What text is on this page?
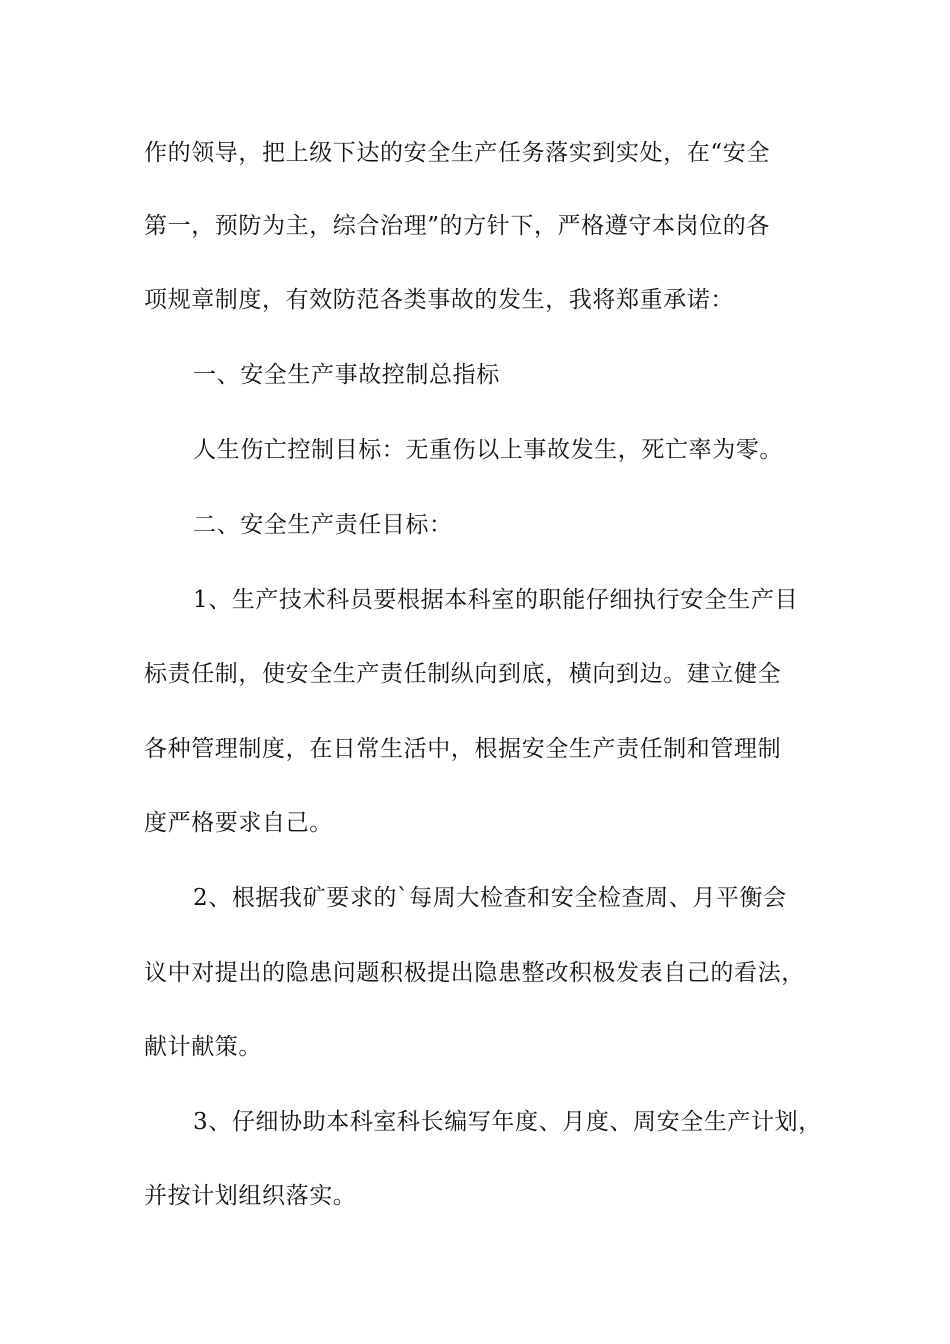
作的领导，把上级下达的安全生产任务落实到实处，在“安全
第一，预防为主，综合治理”的方针下，严格遵守本岗位的各
项规章制度，有效防范各类事故的发生，我将郑重承诺：
一、安全生产事故控制总指标
人生伤亡控制目标：无重伤以上事故发生，死亡率为零。
二、安全生产责任目标：
1、生产技术科员要根据本科室的职能仔细执行安全生产目
标责任制，使安全生产责任制纵向到底，横向到边。建立健全
各种管理制度，在日常生活中，根据安全生产责任制和管理制
度严格要求自己。
2、根据我矿要求的`每周大检查和安全检查周、月平衡会
议中对提出的隐患问题积极提出隐患整改积极发表自己的看法，
献计献策。
3、仔细协助本科室科长编写年度、月度、周安全生产计划，
并按计划组织落实。
